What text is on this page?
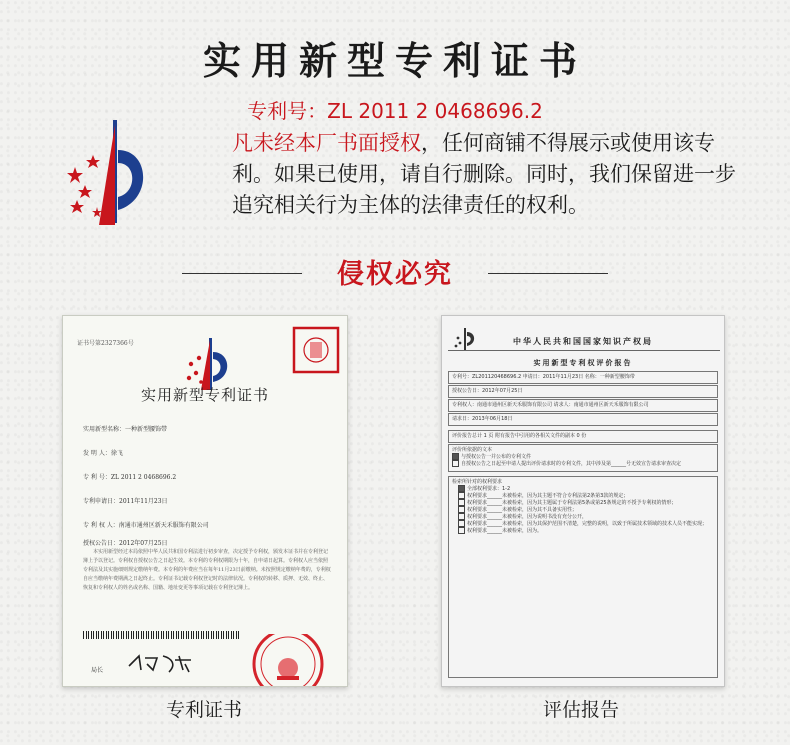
实用新型专利证书
专利号：ZL 2011 2 0468696.2
凡未经本厂书面授权，任何商铺不得展示或使用该专利。如果已使用，请自行删除。同时，我们保留进一步追究相关行为主体的法律责任的权利。
侵权必究
证书号第2327366号
实用新型专利证书
实用新型名称：一种新型腰饰带
发 明 人：徐飞
专 利 号：ZL 2011 2 0468696.2
专利申请日：2011年11月23日
专 利 权 人：南通市通州区新天禾服饰有限公司
授权公告日：2012年07月25日
本实用新型经过本局依照中华人民共和国专利法进行初步审查，决定授予专利权，颁发本证书并在专利登记簿上予以登记。专利权自授权公告之日起生效。本专利的专利权期限为十年，自申请日起算。专利权人应当依照专利法及其实施细则规定缴纳年费。本专利的年费应当在每年11月23日前缴纳。未按照规定缴纳年费的，专利权自应当缴纳年费期满之日起终止。专利证书记载专利权登记时的法律状况。专利权的转移、质押、无效、终止、恢复和专利权人的姓名或名称、国籍、地址变更等事项记载在专利登记簿上。
局长
中华人民共和国国家知识产权局
实用新型专利权评价报告
专利号：ZL201120468696.2 申请日：2011年11月23日 名称：一种新型腰饰带
授权公告日：2012年07月25日
专利权人：南通市通州区新天禾服饰有限公司 请求人：南通市通州区新天禾服饰有限公司
请求日：2013年06月18日
评价报告总计 1 页 附有报告中引用的各相关文件的副本 0 份
评价所依据的文本
与授权公告一并公布的专利文件
自授权公告之日起至申请人提出评价请求时的专利文件，其中涉及第______号无效宣告请求审查决定
检索所针对的权利要求
全部权利要求：1-2
权利要求______未被检索，因为其主题不符合专利法第2条第3款的规定；
权利要求______未被检索，因为其主题属于专利法第5条或第25条规定的不授予专利权的情形；
权利要求______未被检索，因为其不具备实用性；
权利要求______未被检索，因为说明书没有充分公开，
权利要求______未被检索，因为其保护范围不清楚，完整的说明，以致于所属技术领域的技术人员不能实现；
权利要求______未被检索，因为。
专利证书	评估报告
